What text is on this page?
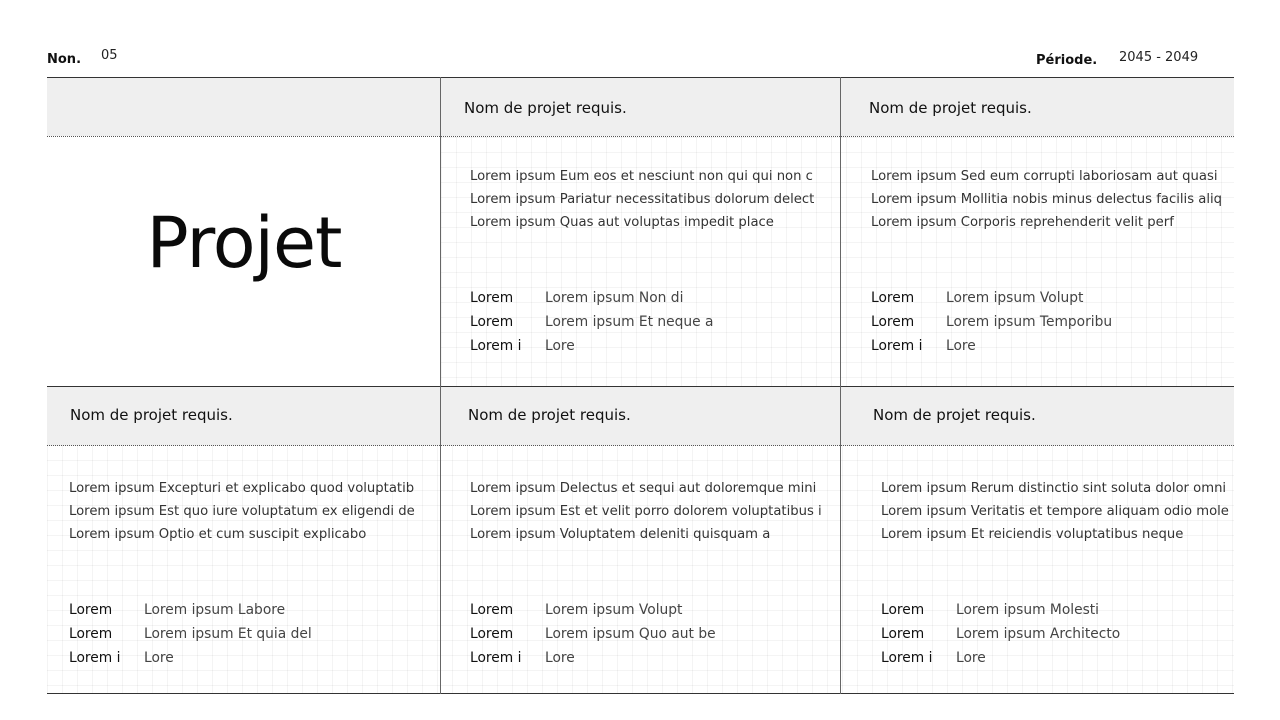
Non. 05	Période. 2045 - 2049
Projet
Nom de projet requis.
Lorem ipsum Eum eos et nesciunt non qui qui non c
Lorem ipsum Pariatur necessitatibus dolorum delect
Lorem ipsum Quas aut voluptas impedit place
Lorem Lorem ipsum Non di
Lorem Lorem ipsum Et neque a
Lorem i Lore
Nom de projet requis.
Lorem ipsum Sed eum corrupti laboriosam aut quasi
Lorem ipsum Mollitia nobis minus delectus facilis aliq
Lorem ipsum Corporis reprehenderit velit perf
Lorem Lorem ipsum Volupt
Lorem Lorem ipsum Temporibu
Lorem i Lore
Nom de projet requis.
Lorem ipsum Excepturi et explicabo quod voluptatib
Lorem ipsum Est quo iure voluptatum ex eligendi de
Lorem ipsum Optio et cum suscipit explicabo
Lorem Lorem ipsum Labore
Lorem Lorem ipsum Et quia del
Lorem i Lore
Nom de projet requis.
Lorem ipsum Delectus et sequi aut doloremque mini
Lorem ipsum Est et velit porro dolorem voluptatibus i
Lorem ipsum Voluptatem deleniti quisquam a
Lorem Lorem ipsum Volupt
Lorem Lorem ipsum Quo aut be
Lorem i Lore
Nom de projet requis.
Lorem ipsum Rerum distinctio sint soluta dolor omni
Lorem ipsum Veritatis et tempore aliquam odio mole
Lorem ipsum Et reiciendis voluptatibus neque
Lorem Lorem ipsum Molesti
Lorem Lorem ipsum Architecto
Lorem i Lore
